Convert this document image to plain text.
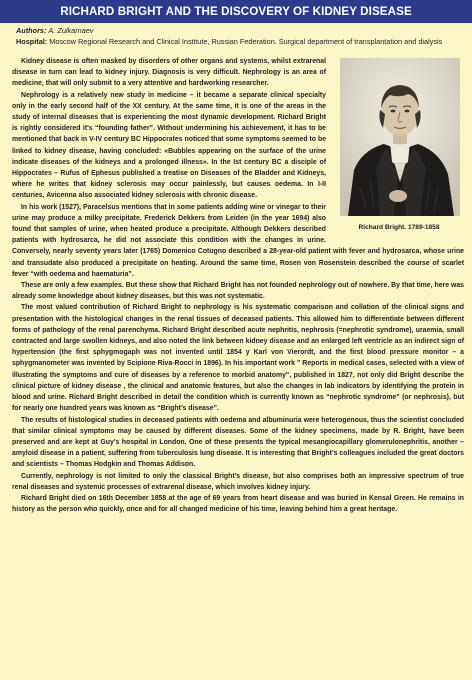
RICHARD BRIGHT AND THE DISCOVERY OF KIDNEY DISEASE
Authors: A. Zulkarnaev
Hospital: Moscow Regional Research and Clinical Institute, Russian Federation. Surgical department of transplantation and dialysis
Richard Bright. 1789-1858

Kidney disease is often masked by disorders of other organs and systems, whilst extrarenal disease in turn can lead to kidney injury. Diagnosis is very difficult. Nephrology is an area of medicine, that will only submit to a very attentive and hardworking researcher.

Nephrology is a relatively new study in medicine – it became a separate clinical specialty only in the early second half of the XX century. At the same time, it is one of the areas in the study of internal diseases that is experiencing the most dynamic development. Richard Bright is rightly considered it's “founding father”. Without undermining his achievement, it has to be mentioned that back in V-IV century BC Hippocrates noticed that some symptoms seemed to be linked to kidney disease, having concluded: «Bubbles appearing on the surface of the urine indicate diseases of the kidneys and a prolonged illness». In the Ist century BC a disciple of Hippocrates – Rufus of Ephesus published a treatise on Diseases of the Bladder and Kidneys, where he writes that kidney sclerosis may occur painlessly, but causes oedema. In I-II centuries, Avicenna also associated kidney sclerosis with chronic disease.

In his work (1527), Paracelsus mentions that in some patients adding wine or vinegar to their urine may produce a milky precipitate. Frederick Dekkers from Leiden (in the year 1694) also found that samples of urine, when heated produce a precipitate. Although Dekkers described patients with hydrosarca, he did not associate this condition with the changes in urine. Conversely, nearly seventy years later (1765) Domenico Cotugno described a 28-year-old patient with fever and hydrosarca, whose urine and transudate also produced a precipitate on heating. Around the same time, Rosen von Rosenstein described the course of scarlet fever “with oedema and haematuria”.

These are only a few examples. But these show that Richard Bright has not founded nephrology out of nowhere. By that time, here was already some knowledge about kidney diseases, but this was not systematic.

The most valued contribution of Richard Bright to nephrology is his systematic comparison and collation of the clinical signs and presentation with the histological changes in the renal tissues of deceased patients. This allowed him to differentiate between different forms of pathology of the renal parenchyma. Richard Bright described acute nephritis, nephrosis (=nephrotic syndrome), uraemia, small contracted and large swollen kidneys, and also noted the link between kidney disease and an enlarged left ventricle as an indirect sign of hypertension (the first sphygmogaph was not invented until 1854 y Karl von Vierordt, and the first blood pressure monitor – a sphygmanometer was invented by Scipione Riva-Rocci in 1896). In his important work " Reports in medical cases, selected with a view of illustrating the symptoms and cure of diseases by a reference to morbid anatomy", published in 1827, not only did Bright describe the clinical picture of kidney disease , the clinical and anatomic features, but also the changes in lab indicators by identifying the protein in blood and urine. Richard Bright described in detail the condition which is currently known as “nephrotic syndrome” (or nephrosis), but for nearly one hundred years was known as “Bright’s disease”.

The results of histological studies in deceased patients with oedema and albuminuria were heterogenous, thus the scientist concluded that similar clinical symptoms may be caused by different diseases. Some of the kidney specimens, made by R. Bright, have been preserved and are kept at Guy’s hospital in London. One of these presents the typical mesangiocapillary glomerulonephritis, another – amyloid disease in a patient, suffering from tuberculosis lung disease. It is interesting that Bright’s colleagues included the great doctors and scientists – Thomas Hodgkin and Thomas Addison.

Currently, nephrology is not limited to only the classical Bright’s disease, but also comprises both an impressive spectrum of true renal diseases and systemic processes of extrarenal disease, which involves kidney injury.

Richard Bright died on 16th December 1858 at the age of 69 years from heart disease and was buried in Kensal Green. He remains in history as the person who quickly, once and for all changed medicine of his time, leaving behind him a great heritage.
